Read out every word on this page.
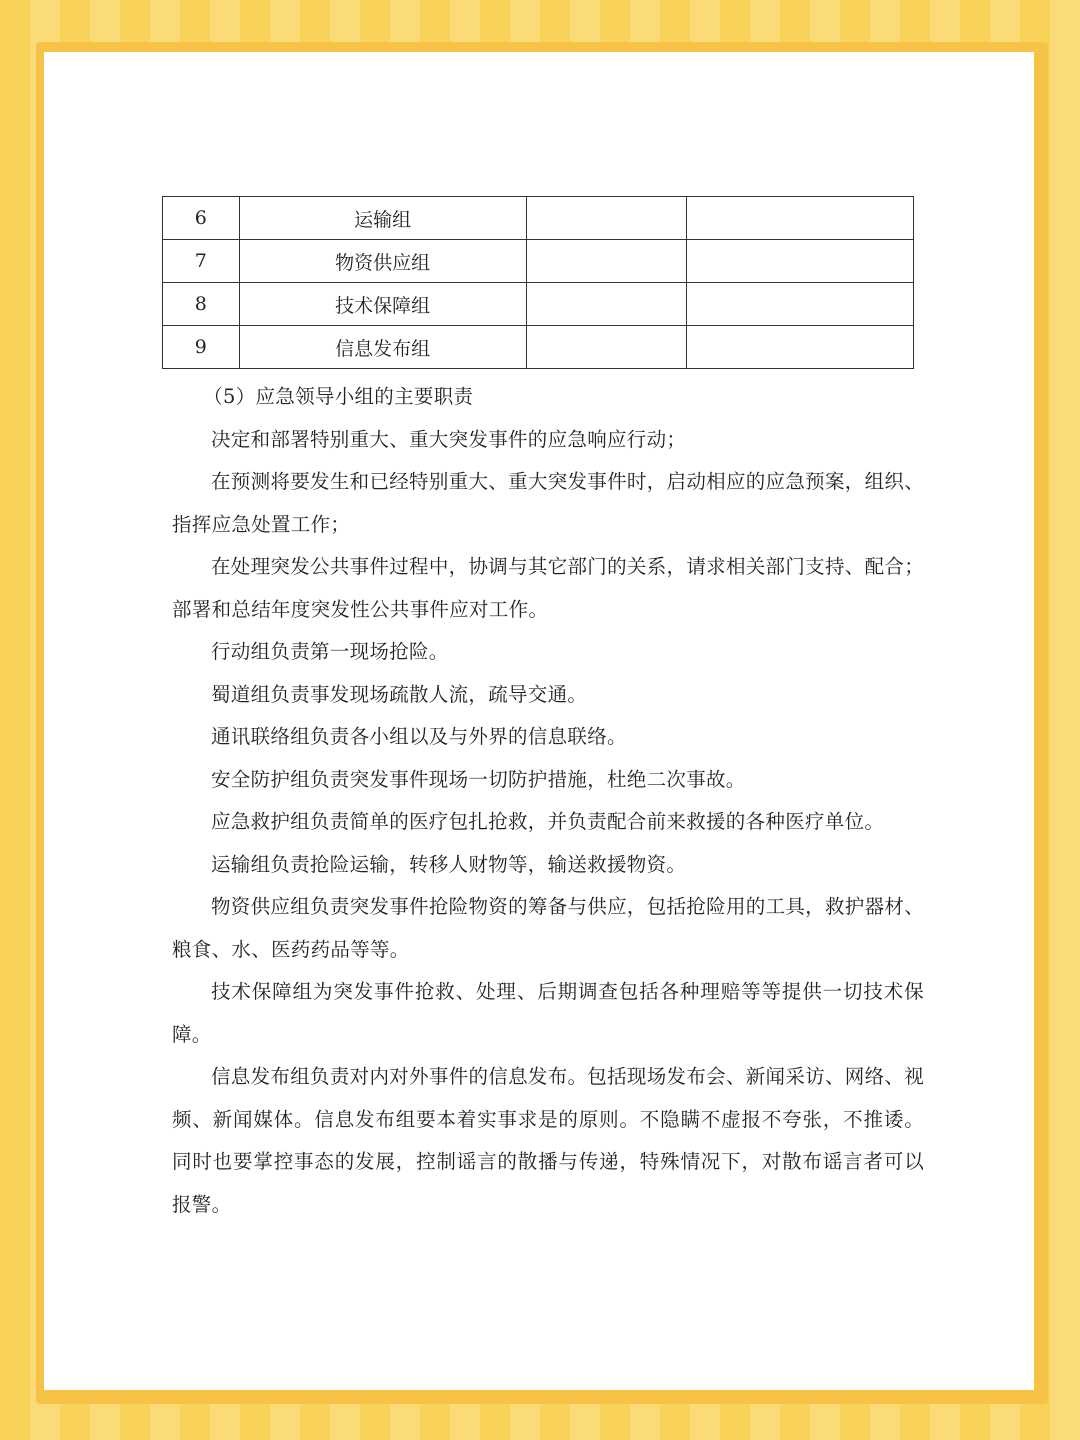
6	运输组		
7	物资供应组		
8	技术保障组		
9	信息发布组		

（5）应急领导小组的主要职责

决定和部署特别重大、重大突发事件的应急响应行动；

在预测将要发生和已经特别重大、重大突发事件时，启动相应的应急预案，组织、指挥应急处置工作；

在处理突发公共事件过程中，协调与其它部门的关系，请求相关部门支持、配合；部署和总结年度突发性公共事件应对工作。

行动组负责第一现场抢险。

蜀道组负责事发现场疏散人流，疏导交通。

通讯联络组负责各小组以及与外界的信息联络。

安全防护组负责突发事件现场一切防护措施，杜绝二次事故。

应急救护组负责简单的医疗包扎抢救，并负责配合前来救援的各种医疗单位。

运输组负责抢险运输，转移人财物等，输送救援物资。

物资供应组负责突发事件抢险物资的筹备与供应，包括抢险用的工具，救护器材、粮食、水、医药药品等等。

技术保障组为突发事件抢救、处理、后期调查包括各种理赔等等提供一切技术保障。

信息发布组负责对内对外事件的信息发布。包括现场发布会、新闻采访、网络、视频、新闻媒体。信息发布组要本着实事求是的原则。不隐瞒不虚报不夸张，不推诿。同时也要掌控事态的发展，控制谣言的散播与传递，特殊情况下，对散布谣言者可以报警。
